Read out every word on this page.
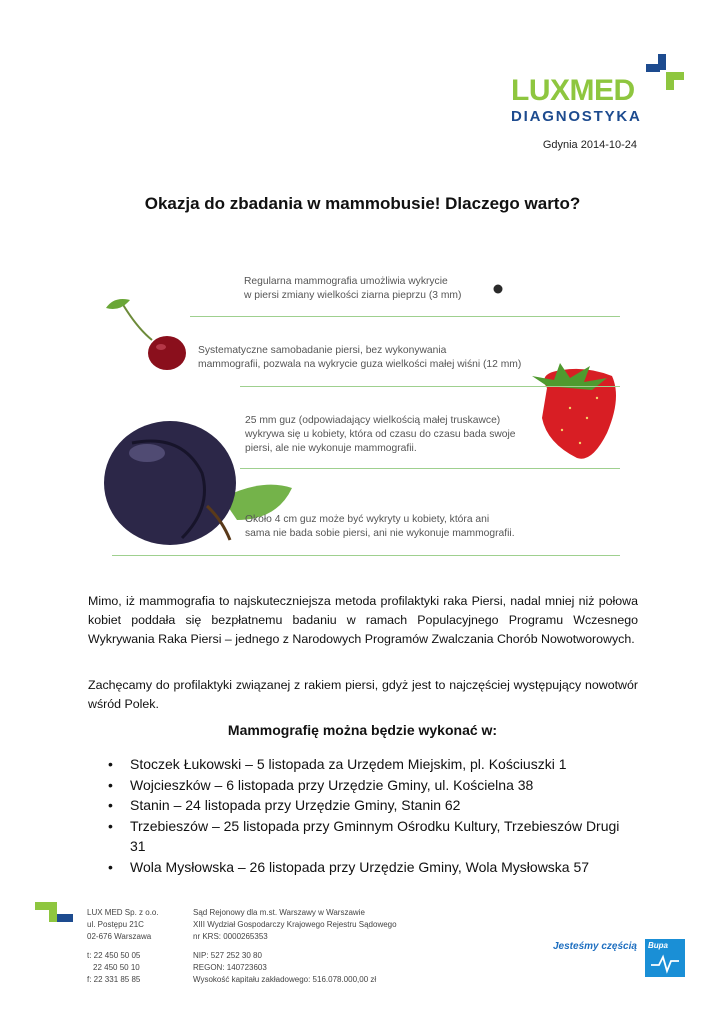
LUXMED
DIAGNOSTYKA
Gdynia 2014-10-24
Okazja do zbadania w mammobusie! Dlaczego warto?
Regularna mammografia umożliwia wykrycie
w piersi zmiany wielkości ziarna pieprzu (3 mm)
Systematyczne samobadanie piersi, bez wykonywania
mammografii, pozwala na wykrycie guza wielkości małej wiśni (12 mm)
25 mm guz (odpowiadający wielkością małej truskawce)
wykrywa się u kobiety, która od czasu do czasu bada swoje
piersi, ale nie wykonuje mammografii.
Około 4 cm guz może być wykryty u kobiety, która ani
sama nie bada sobie piersi, ani nie wykonuje mammografii.

Mimo, iż mammografia to najskuteczniejsza metoda profilaktyki raka Piersi, nadal mniej niż połowa kobiet poddała się bezpłatnemu badaniu w ramach Populacyjnego Programu Wczesnego Wykrywania Raka Piersi – jednego z Narodowych Programów Zwalczania Chorób Nowotworowych.

Zachęcamy do profilaktyki związanej z rakiem piersi, gdyż jest to najczęściej występujący nowotwór wśród Polek.

Mammografię można będzie wykonać w:
• Stoczek Łukowski – 5 listopada za Urzędem Miejskim, pl. Kościuszki 1
• Wojcieszków – 6 listopada przy Urzędzie Gminy, ul. Kościelna 38
• Stanin – 24 listopada przy Urzędzie Gminy, Stanin 62
• Trzebieszów – 25 listopada przy Gminnym Ośrodku Kultury, Trzebieszów Drugi 31
• Wola Mysłowska – 26 listopada przy Urzędzie Gminy, Wola Mysłowska 57
LUX MED Sp. z o.o.
ul. Postępu 21C
02-676 Warszawa
t: 22 450 50 05
22 450 50 10
f: 22 331 85 85
Sąd Rejonowy dla m.st. Warszawy w Warszawie
XIII Wydział Gospodarczy Krajowego Rejestru Sądowego
nr KRS: 0000265353
NIP: 527 252 30 80
REGON: 140723603
Wysokość kapitału zakładowego: 516.078.000,00 zł
Jesteśmy częścią Bupa
